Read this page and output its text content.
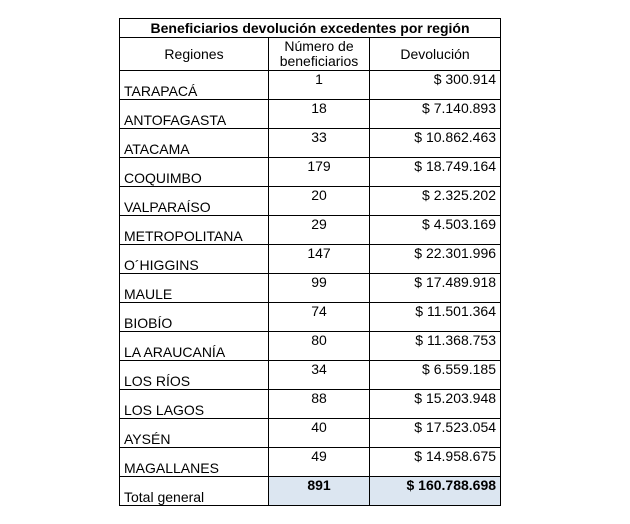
Beneficiarios devolución excedentes por región		
Regiones	Número de beneficiarios	Devolución
TARAPACÁ	1	$ 300.914
ANTOFAGASTA	18	$ 7.140.893
ATACAMA	33	$ 10.862.463
COQUIMBO	179	$ 18.749.164
VALPARAÍSO	20	$ 2.325.202
METROPOLITANA	29	$ 4.503.169
O´HIGGINS	147	$ 22.301.996
MAULE	99	$ 17.489.918
BIOBÍO	74	$ 11.501.364
LA ARAUCANÍA	80	$ 11.368.753
LOS RÍOS	34	$ 6.559.185
LOS LAGOS	88	$ 15.203.948
AYSÉN	40	$ 17.523.054
MAGALLANES	49	$ 14.958.675
Total general	891	$ 160.788.698
